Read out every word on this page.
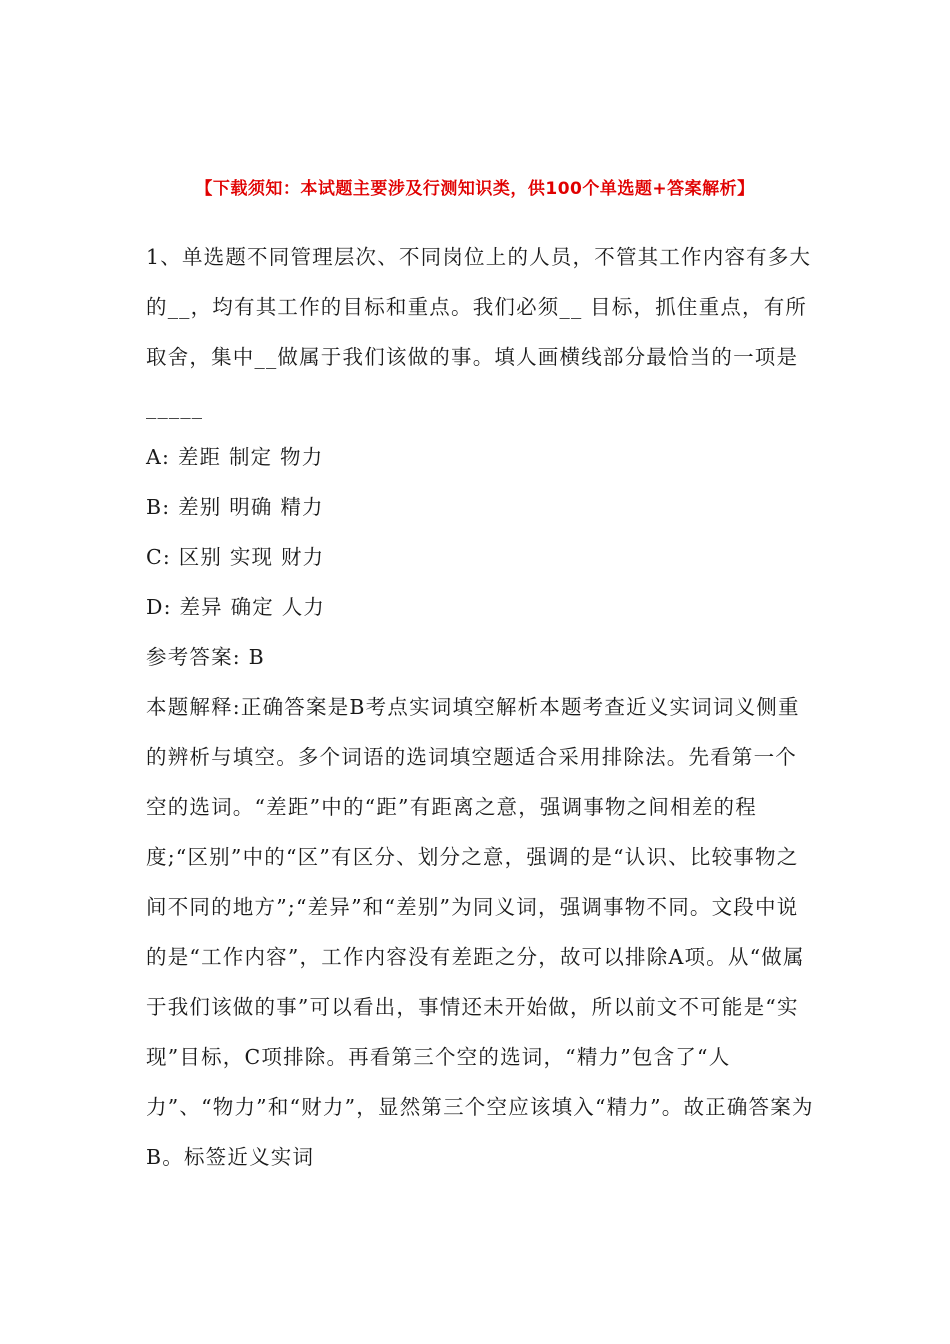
【下载须知：本试题主要涉及行测知识类，供100个单选题+答案解析】

1、单选题不同管理层次、不同岗位上的人员，不管其工作内容有多大的__，均有其工作的目标和重点。我们必须__ 目标，抓住重点，有所取舍，集中__做属于我们该做的事。填人画横线部分最恰当的一项是_____

A: 差距 制定 物力

B: 差别 明确 精力

C: 区别 实现 财力

D: 差异 确定 人力

参考答案: B

本题解释:正确答案是B考点实词填空解析本题考查近义实词词义侧重的辨析与填空。多个词语的选词填空题适合采用排除法。先看第一个空的选词。“差距”中的“距”有距离之意，强调事物之间相差的程度;“区别”中的“区”有区分、划分之意，强调的是“认识、比较事物之间不同的地方”;“差异”和“差别”为同义词，强调事物不同。文段中说的是“工作内容”，工作内容没有差距之分，故可以排除A项。从“做属于我们该做的事”可以看出，事情还未开始做，所以前文不可能是“实现”目标，C项排除。再看第三个空的选词，“精力”包含了“人力”、“物力”和“财力”，显然第三个空应该填入“精力”。故正确答案为B。标签近义实词
